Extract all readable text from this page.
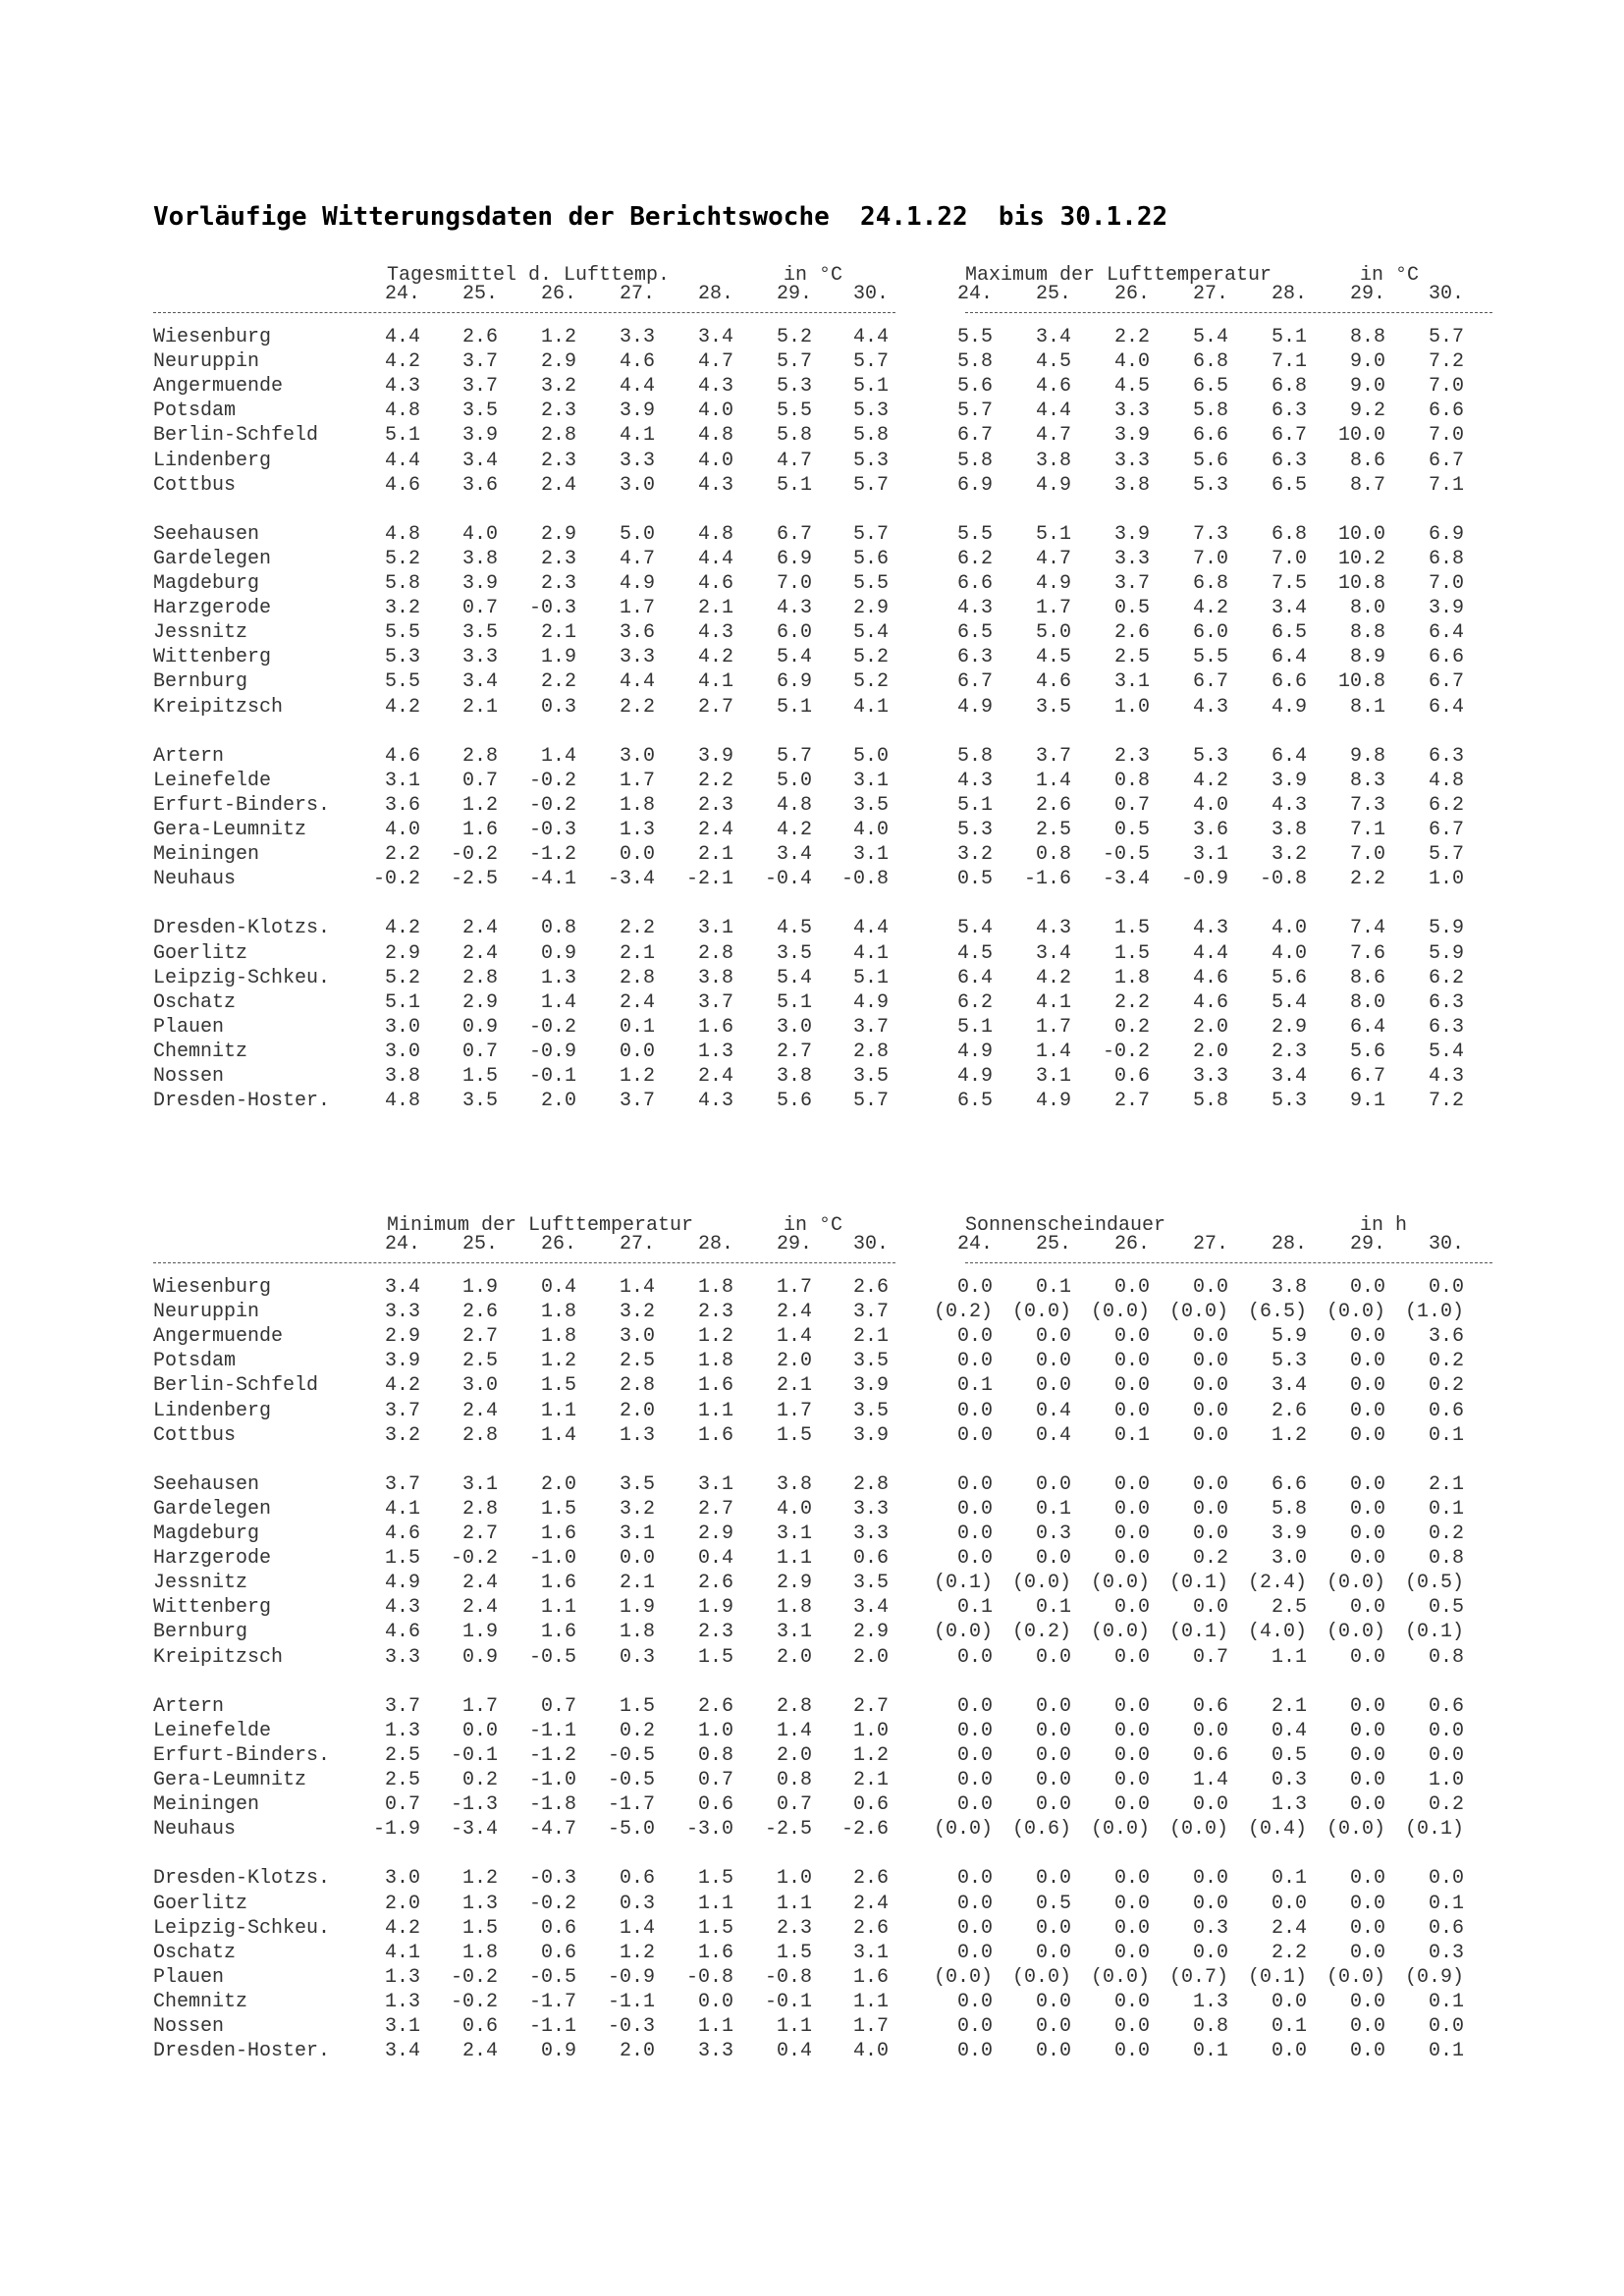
Vorläufige Witterungsdaten der Berichtswoche  24.1.22  bis 30.1.22
Tagesmittel d. Lufttemp.	in °C	Maximum der Lufttemperatur	in °C
24.	24.
25.	25.
26.	26.
27.	27.
28.	28.
29.	29.
30.	30.
Wiesenburg	4.4	2.6	1.2	3.3	3.4	5.2	4.4	5.5	3.4	2.2	5.4	5.1	8.8	5.7
Neuruppin	4.2	3.7	2.9	4.6	4.7	5.7	5.7	5.8	4.5	4.0	6.8	7.1	9.0	7.2
Angermuende	4.3	3.7	3.2	4.4	4.3	5.3	5.1	5.6	4.6	4.5	6.5	6.8	9.0	7.0
Potsdam	4.8	3.5	2.3	3.9	4.0	5.5	5.3	5.7	4.4	3.3	5.8	6.3	9.2	6.6
Berlin-Schfeld	5.1	3.9	2.8	4.1	4.8	5.8	5.8	6.7	4.7	3.9	6.6	6.7	10.0	7.0
Lindenberg	4.4	3.4	2.3	3.3	4.0	4.7	5.3	5.8	3.8	3.3	5.6	6.3	8.6	6.7
Cottbus	4.6	3.6	2.4	3.0	4.3	5.1	5.7	6.9	4.9	3.8	5.3	6.5	8.7	7.1
Seehausen	4.8	4.0	2.9	5.0	4.8	6.7	5.7	5.5	5.1	3.9	7.3	6.8	10.0	6.9
Gardelegen	5.2	3.8	2.3	4.7	4.4	6.9	5.6	6.2	4.7	3.3	7.0	7.0	10.2	6.8
Magdeburg	5.8	3.9	2.3	4.9	4.6	7.0	5.5	6.6	4.9	3.7	6.8	7.5	10.8	7.0
Harzgerode	3.2	0.7	-0.3	1.7	2.1	4.3	2.9	4.3	1.7	0.5	4.2	3.4	8.0	3.9
Jessnitz	5.5	3.5	2.1	3.6	4.3	6.0	5.4	6.5	5.0	2.6	6.0	6.5	8.8	6.4
Wittenberg	5.3	3.3	1.9	3.3	4.2	5.4	5.2	6.3	4.5	2.5	5.5	6.4	8.9	6.6
Bernburg	5.5	3.4	2.2	4.4	4.1	6.9	5.2	6.7	4.6	3.1	6.7	6.6	10.8	6.7
Kreipitzsch	4.2	2.1	0.3	2.2	2.7	5.1	4.1	4.9	3.5	1.0	4.3	4.9	8.1	6.4
Artern	4.6	2.8	1.4	3.0	3.9	5.7	5.0	5.8	3.7	2.3	5.3	6.4	9.8	6.3
Leinefelde	3.1	0.7	-0.2	1.7	2.2	5.0	3.1	4.3	1.4	0.8	4.2	3.9	8.3	4.8
Erfurt-Binders.	3.6	1.2	-0.2	1.8	2.3	4.8	3.5	5.1	2.6	0.7	4.0	4.3	7.3	6.2
Gera-Leumnitz	4.0	1.6	-0.3	1.3	2.4	4.2	4.0	5.3	2.5	0.5	3.6	3.8	7.1	6.7
Meiningen	2.2	-0.2	-1.2	0.0	2.1	3.4	3.1	3.2	0.8	-0.5	3.1	3.2	7.0	5.7
Neuhaus	-0.2	-2.5	-4.1	-3.4	-2.1	-0.4	-0.8	0.5	-1.6	-3.4	-0.9	-0.8	2.2	1.0
Dresden-Klotzs.	4.2	2.4	0.8	2.2	3.1	4.5	4.4	5.4	4.3	1.5	4.3	4.0	7.4	5.9
Goerlitz	2.9	2.4	0.9	2.1	2.8	3.5	4.1	4.5	3.4	1.5	4.4	4.0	7.6	5.9
Leipzig-Schkeu.	5.2	2.8	1.3	2.8	3.8	5.4	5.1	6.4	4.2	1.8	4.6	5.6	8.6	6.2
Oschatz	5.1	2.9	1.4	2.4	3.7	5.1	4.9	6.2	4.1	2.2	4.6	5.4	8.0	6.3
Plauen	3.0	0.9	-0.2	0.1	1.6	3.0	3.7	5.1	1.7	0.2	2.0	2.9	6.4	6.3
Chemnitz	3.0	0.7	-0.9	0.0	1.3	2.7	2.8	4.9	1.4	-0.2	2.0	2.3	5.6	5.4
Nossen	3.8	1.5	-0.1	1.2	2.4	3.8	3.5	4.9	3.1	0.6	3.3	3.4	6.7	4.3
Dresden-Hoster.	4.8	3.5	2.0	3.7	4.3	5.6	5.7	6.5	4.9	2.7	5.8	5.3	9.1	7.2
Minimum der Lufttemperatur	in °C	Sonnenscheindauer	in h
24.	24.
25.	25.
26.	26.
27.	27.
28.	28.
29.	29.
30.	30.
Wiesenburg	3.4	1.9	0.4	1.4	1.8	1.7	2.6	0.0	0.1	0.0	0.0	3.8	0.0	0.0
Neuruppin	3.3	2.6	1.8	3.2	2.3	2.4	3.7	(0.2) (0.0) (0.0) (0.0) (6.5) (0.0) (1.0)
Angermuende	2.9	2.7	1.8	3.0	1.2	1.4	2.1	0.0	0.0	0.0	0.0	5.9	0.0	3.6
Potsdam	3.9	2.5	1.2	2.5	1.8	2.0	3.5	0.0	0.0	0.0	0.0	5.3	0.0	0.2
Berlin-Schfeld	4.2	3.0	1.5	2.8	1.6	2.1	3.9	0.1	0.0	0.0	0.0	3.4	0.0	0.2
Lindenberg	3.7	2.4	1.1	2.0	1.1	1.7	3.5	0.0	0.4	0.0	0.0	2.6	0.0	0.6
Cottbus	3.2	2.8	1.4	1.3	1.6	1.5	3.9	0.0	0.4	0.1	0.0	1.2	0.0	0.1
Seehausen	3.7	3.1	2.0	3.5	3.1	3.8	2.8	0.0	0.0	0.0	0.0	6.6	0.0	2.1
Gardelegen	4.1	2.8	1.5	3.2	2.7	4.0	3.3	0.0	0.1	0.0	0.0	5.8	0.0	0.1
Magdeburg	4.6	2.7	1.6	3.1	2.9	3.1	3.3	0.0	0.3	0.0	0.0	3.9	0.0	0.2
Harzgerode	1.5	-0.2	-1.0	0.0	0.4	1.1	0.6	0.0	0.0	0.0	0.2	3.0	0.0	0.8
Jessnitz	4.9	2.4	1.6	2.1	2.6	2.9	3.5	(0.1) (0.0) (0.0) (0.1) (2.4) (0.0) (0.5)
Wittenberg	4.3	2.4	1.1	1.9	1.9	1.8	3.4	0.1	0.1	0.0	0.0	2.5	0.0	0.5
Bernburg	4.6	1.9	1.6	1.8	2.3	3.1	2.9	(0.0) (0.2) (0.0) (0.1) (4.0) (0.0) (0.1)
Kreipitzsch	3.3	0.9	-0.5	0.3	1.5	2.0	2.0	0.0	0.0	0.0	0.7	1.1	0.0	0.8
Artern	3.7	1.7	0.7	1.5	2.6	2.8	2.7	0.0	0.0	0.0	0.6	2.1	0.0	0.6
Leinefelde	1.3	0.0	-1.1	0.2	1.0	1.4	1.0	0.0	0.0	0.0	0.0	0.4	0.0	0.0
Erfurt-Binders.	2.5	-0.1	-1.2	-0.5	0.8	2.0	1.2	0.0	0.0	0.0	0.6	0.5	0.0	0.0
Gera-Leumnitz	2.5	0.2	-1.0	-0.5	0.7	0.8	2.1	0.0	0.0	0.0	1.4	0.3	0.0	1.0
Meiningen	0.7	-1.3	-1.8	-1.7	0.6	0.7	0.6	0.0	0.0	0.0	0.0	1.3	0.0	0.2
Neuhaus	-1.9	-3.4	-4.7	-5.0	-3.0	-2.5	-2.6	(0.0) (0.6) (0.0) (0.0) (0.4) (0.0) (0.1)
Dresden-Klotzs.	3.0	1.2	-0.3	0.6	1.5	1.0	2.6	0.0	0.0	0.0	0.0	0.1	0.0	0.0
Goerlitz	2.0	1.3	-0.2	0.3	1.1	1.1	2.4	0.0	0.5	0.0	0.0	0.0	0.0	0.1
Leipzig-Schkeu.	4.2	1.5	0.6	1.4	1.5	2.3	2.6	0.0	0.0	0.0	0.3	2.4	0.0	0.6
Oschatz	4.1	1.8	0.6	1.2	1.6	1.5	3.1	0.0	0.0	0.0	0.0	2.2	0.0	0.3
Plauen	1.3	-0.2	-0.5	-0.9	-0.8	-0.8	1.6	(0.0) (0.0) (0.0) (0.7) (0.1) (0.0) (0.9)
Chemnitz	1.3	-0.2	-1.7	-1.1	0.0	-0.1	1.1	0.0	0.0	0.0	1.3	0.0	0.0	0.1
Nossen	3.1	0.6	-1.1	-0.3	1.1	1.1	1.7	0.0	0.0	0.0	0.8	0.1	0.0	0.0
Dresden-Hoster.	3.4	2.4	0.9	2.0	3.3	0.4	4.0	0.0	0.0	0.0	0.1	0.0	0.0	0.1
